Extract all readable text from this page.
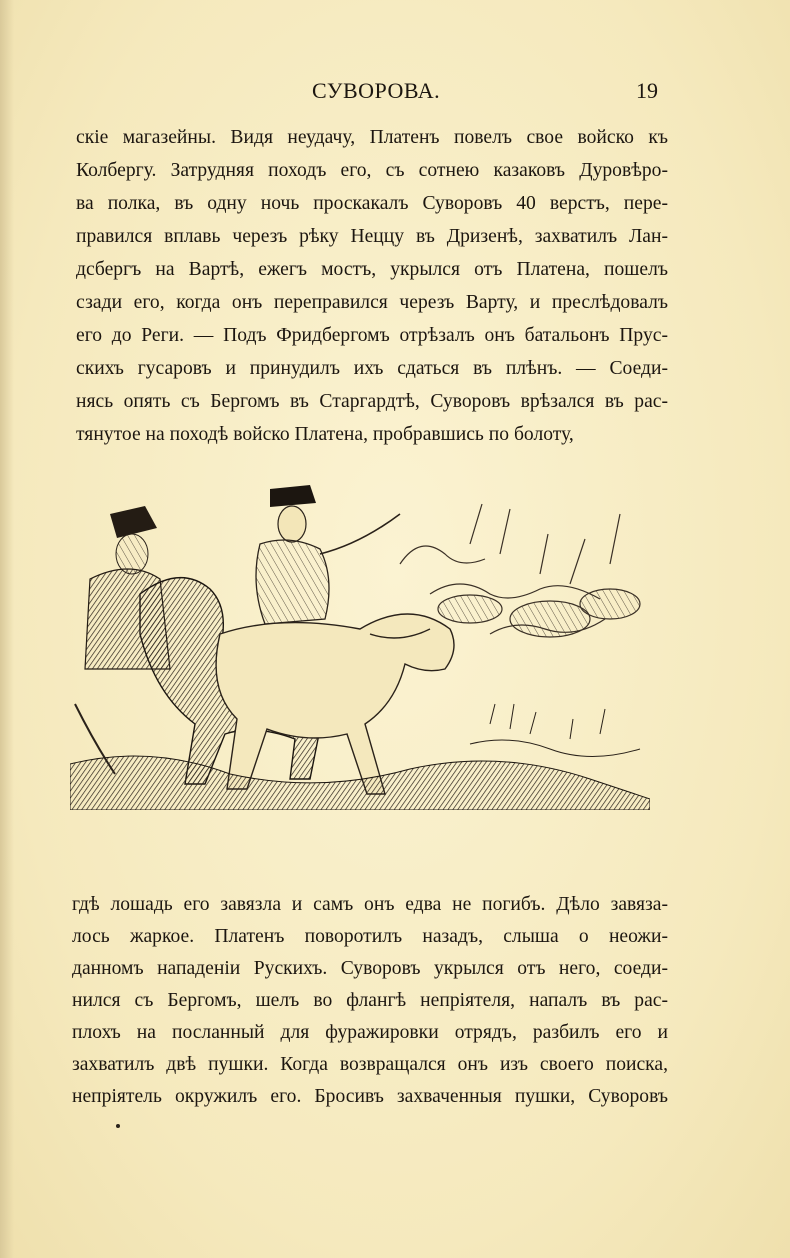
СУВОРОВА.	19
скіе магазейны. Видя неудачу, Платенъ повелъ свое войско къ
Колбергу. Затрудняя походъ его, съ сотнею казаковъ Дуровѣро-
ва полка, въ одну ночь проскакалъ Суворовъ 40 верстъ, пере-
правился вплавь черезъ рѣку Неццу въ Дризенѣ, захватилъ Лан-
дсбергъ на Вартѣ, ежегъ мостъ, укрылся отъ Платена, пошелъ
сзади его, когда онъ переправился черезъ Варту, и преслѣдовалъ
его до Реги. — Подъ Фридбергомъ отрѣзалъ онъ батальонъ Прус-
скихъ гусаровъ и принудилъ ихъ сдаться въ плѣнъ. — Соеди-
нясь опять съ Бергомъ въ Старгардтѣ, Суворовъ врѣзался въ рас-
тянутое на походѣ войско Платена, пробравшись по болоту,
гдѣ лошадь его завязла и самъ онъ едва не погибъ. Дѣло завяза-
лось жаркое. Платенъ поворотилъ назадъ, слыша о неожи-
данномъ нападеніи Рускихъ. Суворовъ укрылся отъ него, соеди-
нился съ Бергомъ, шелъ во флангѣ непріятеля, напалъ въ рас-
плохъ на посланный для фуражировки отрядъ, разбилъ его и
захватилъ двѣ пушки. Когда возвращался онъ изъ своего поиска,
непріятель окружилъ его. Бросивъ захваченныя пушки, Суворовъ
